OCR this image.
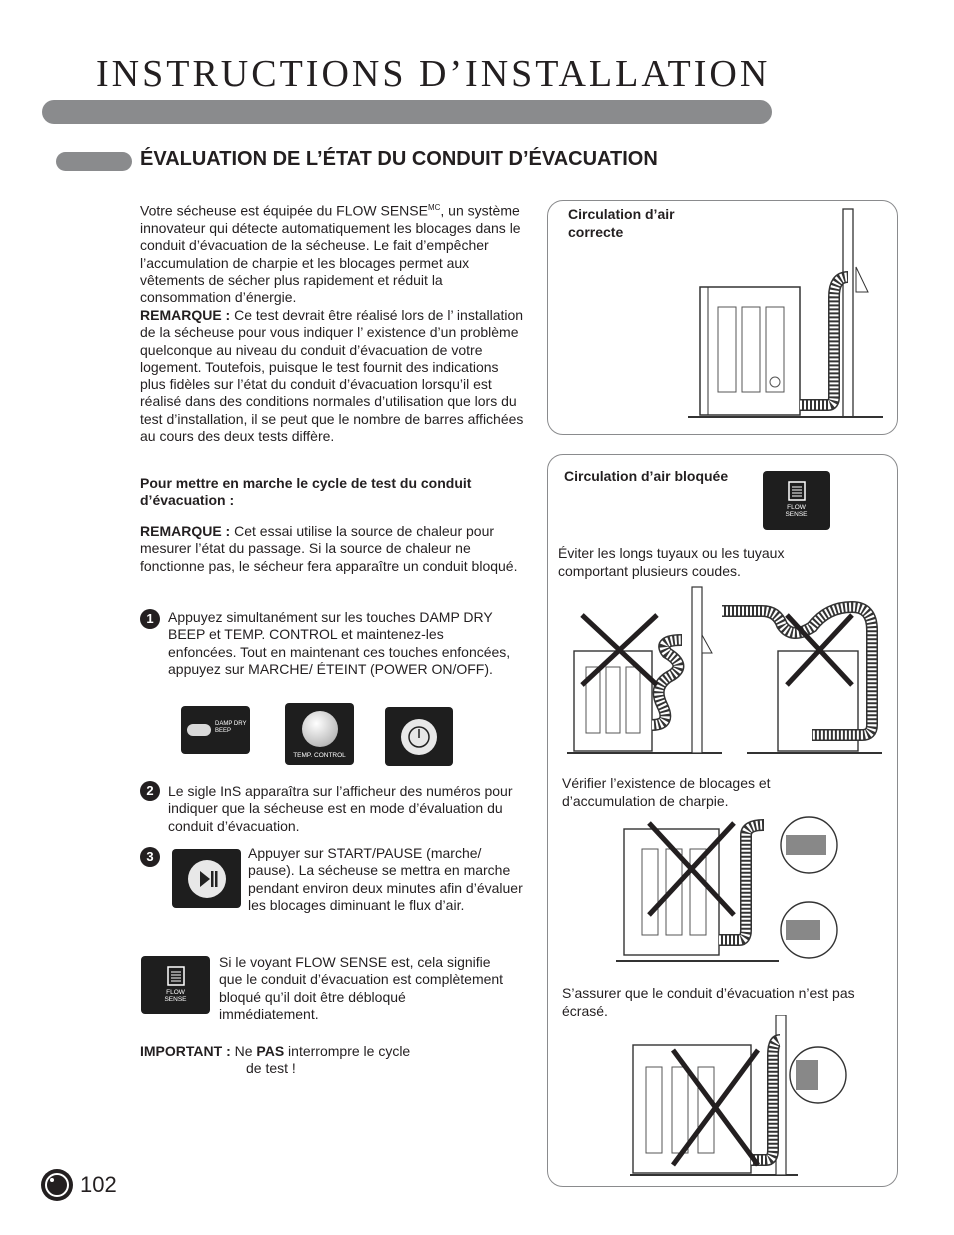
INSTRUCTIONS D’INSTALLATION
ÉVALUATION DE L’ÉTAT DU CONDUIT D’ÉVACUATION
Votre sécheuse est équipée du FLOW $SENSE^{MC}$, un système innovateur qui détecte automatiquement les blocages dans le conduit d’évacuation de la sécheuse. Le fait d’empêcher l’accumulation de charpie et les blocages permet aux vêtements de sécher plus rapidement et réduit la consommation d’énergie.
REMARQUE : Ce test devrait être réalisé lors de l’ installation de la sécheuse pour vous indiquer l’ existence d’un problème quelconque au niveau du conduit d’évacuation de votre logement. Toutefois, puisque le test fournit des indications plus fidèles sur l’état du conduit d’évacuation lorsqu’il est réalisé dans des conditions normales d’utilisation que lors du test d’installation, il se peut que le nombre de barres affichées au cours des deux tests diffère.
Pour mettre en marche le cycle de test du conduit d’évacuation :
REMARQUE : Cet essai utilise la source de chaleur pour mesurer l’état du passage. Si la source de chaleur ne fonctionne pas, le sécheur fera apparaître un conduit bloqué.
1	Appuyez simultanément sur les touches DAMP DRY BEEP et TEMP. CONTROL et maintenez-les enfoncées. Tout en maintenant ces touches enfoncées, appuyez sur MARCHE/ ÉTEINT (POWER ON/OFF).
DAMP DRY
BEEP
TEMP. CONTROL
2	Le sigle InS apparaîtra sur l’afficheur des numéros pour indiquer que la sécheuse est en mode d’évaluation du conduit d’évacuation.
3	Appuyer sur START/PAUSE (marche/ pause). La sécheuse se mettra en marche pendant environ deux minutes afin d’évaluer les blocages diminuant le flux d’air.
FLOW
SENSE
Si le voyant FLOW SENSE est, cela signifie que le conduit d’évacuation est complètement bloqué qu’il doit être débloqué immédiatement.
IMPORTANT : Ne PAS interrompre le cycle
de test !
Circulation d’air
correcte
Circulation d’air bloquée
FLOW
SENSE
Éviter les longs tuyaux ou les tuyaux comportant plusieurs coudes.
Vérifier l’existence de blocages et d’accumulation de charpie.
S’assurer que le conduit d’évacuation n’est pas écrasé.
102
